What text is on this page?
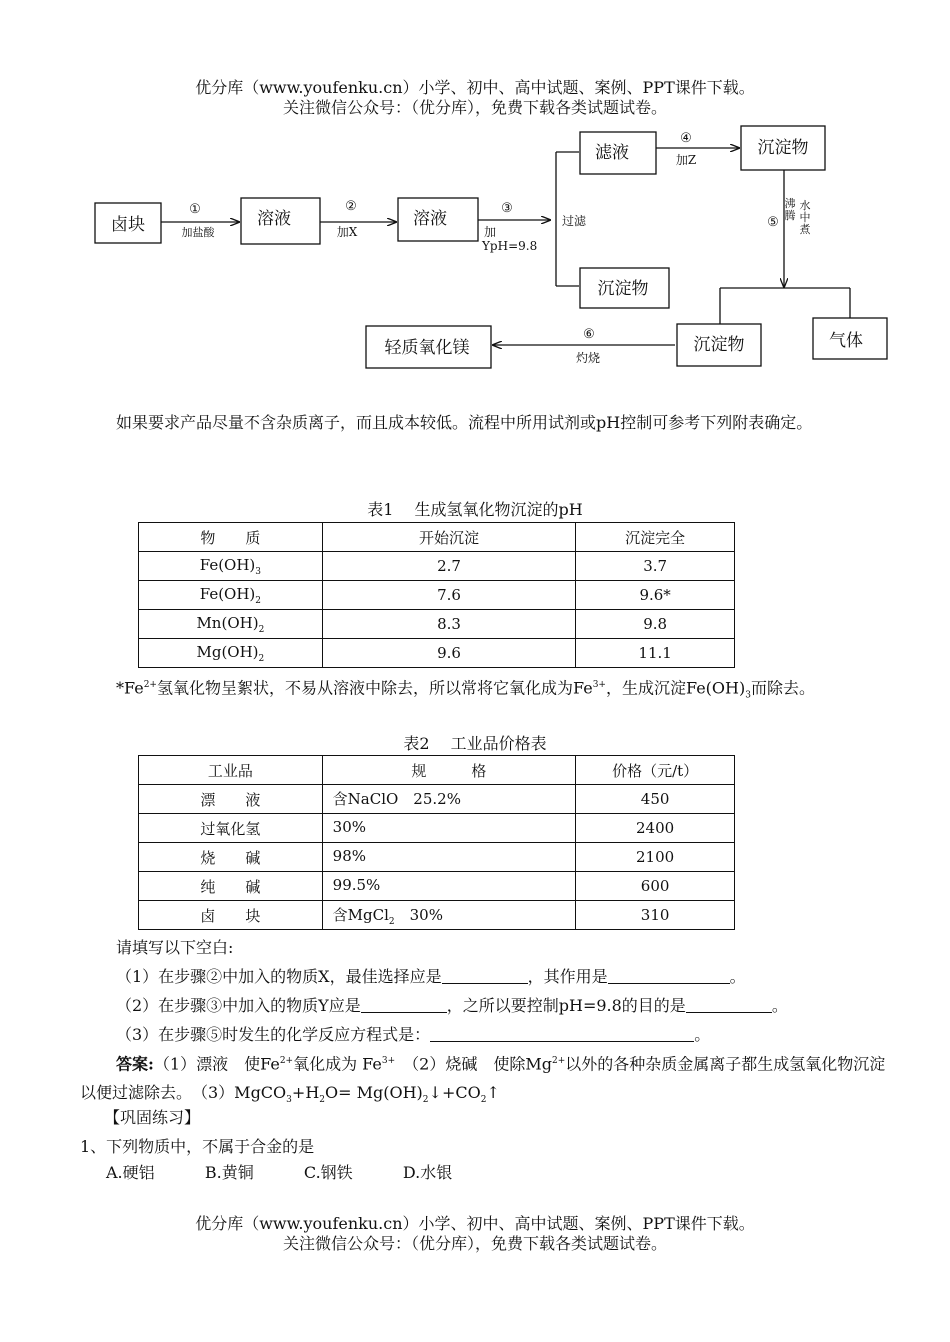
优分库（www.youfenku.cn）小学、初中、高中试题、案例、PPT课件下载。
关注微信公众号：（优分库），免费下载各类试题试卷。
卤块	溶液	溶液
滤液	沉淀物
沉淀物
沉淀物	气体
轻质氧化镁
①
加盐酸
②
加X
③
加
YpH=9.8
过滤
④
加Z
⑤
沸
腾
水
中
煮
⑥
灼烧
如果要求产品尽量不含杂质离子，而且成本较低。流程中所用试剂或pH控制可参考下列附表确定。
表1　 生成氢氧化物沉淀的pH
物　　质	开始沉淀	沉淀完全
$Fe(OH)_3$	2.7	3.7
$Fe(OH)_2$	7.6	9.6*
$Mn(OH)_2$	8.3	9.8
$Mg(OH)_2$	9.6	11.1
$*Fe^{2+}$氢氧化物呈絮状，不易从溶液中除去，所以常将它氧化成为$Fe^{3+}$，生成沉淀$Fe(OH)_3$而除去。
表2　 工业品价格表
工业品	规　　　格	价格（元/t）
漂　　液	含NaClO　25.2%	450
过氧化氢	30%	2400
烧　　碱	98%	2100
纯　　碱	99.5%	600
卤　　块	含MgCl$_2$　30%	310
请填写以下空白:
（1）在步骤②中加入的物质X，最佳选择应是	，其作用是	。
（2）在步骤③中加入的物质Y应是	，之所以要控制pH=9.8的目的是	。
（3）在步骤⑤时发生的化学反应方程式是：	。
答案:（1）漂液　使$Fe^{2+}$氧化成为 $Fe^{3+}$　（2）烧碱　使除$Mg^{2+}$以外的各种杂质金属离子都生成氢氧化物沉淀以便过滤除去。　$(3)MgCO_3+H_2O=$ $Mg(OH)_2↓+CO_2↑$
【巩固练习】
1、下列物质中，不属于合金的是
A.硬铝	B.黄铜	C.钢铁	D.水银
优分库（www.youfenku.cn）小学、初中、高中试题、案例、PPT课件下载。
关注微信公众号：（优分库），免费下载各类试题试卷。
